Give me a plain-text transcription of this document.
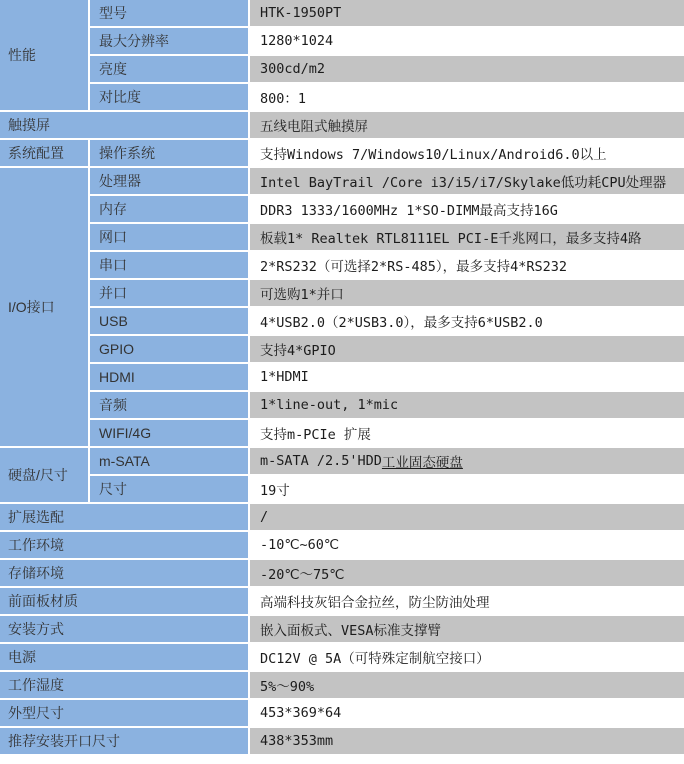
性能
型号	HTK-1950PT
最大分辨率	1280*1024
亮度	300cd/m2
对比度	800：1
触摸屏	五线电阻式触摸屏
系统配置	操作系统	支持Windows 7/Windows10/Linux/Android6.0以上
I/O接口
处理器	Intel BayTrail /Core i3/i5/i7/Skylake低功耗CPU处理器
内存	DDR3 1333/1600MHz 1*SO-DIMM最高支持16G
网口	板载1* Realtek RTL8111EL PCI-E千兆网口，最多支持4路
串口	2*RS232（可选择2*RS-485），最多支持4*RS232
并口	可选购1*并口
USB	4*USB2.0（2*USB3.0），最多支持6*USB2.0
GPIO	支持4*GPIO
HDMI	1*HDMI
音频	1*line-out, 1*mic
WIFI/4G	支持m-PCIe 扩展
硬盘/尺寸
m-SATA	m-SATA /2.5'HDD 工业固态硬盘
尺寸	19寸
扩展选配	/
工作环境	-10℃~60℃
存储环境	-20℃～75℃
前面板材质	高端科技灰铝合金拉丝，防尘防油处理
安装方式	嵌入面板式、VESA标准支撑臂
电源	DC12V @ 5A（可特殊定制航空接口）
工作湿度	5%～90%
外型尺寸	453*369*64
推荐安装开口尺寸	438*353mm
